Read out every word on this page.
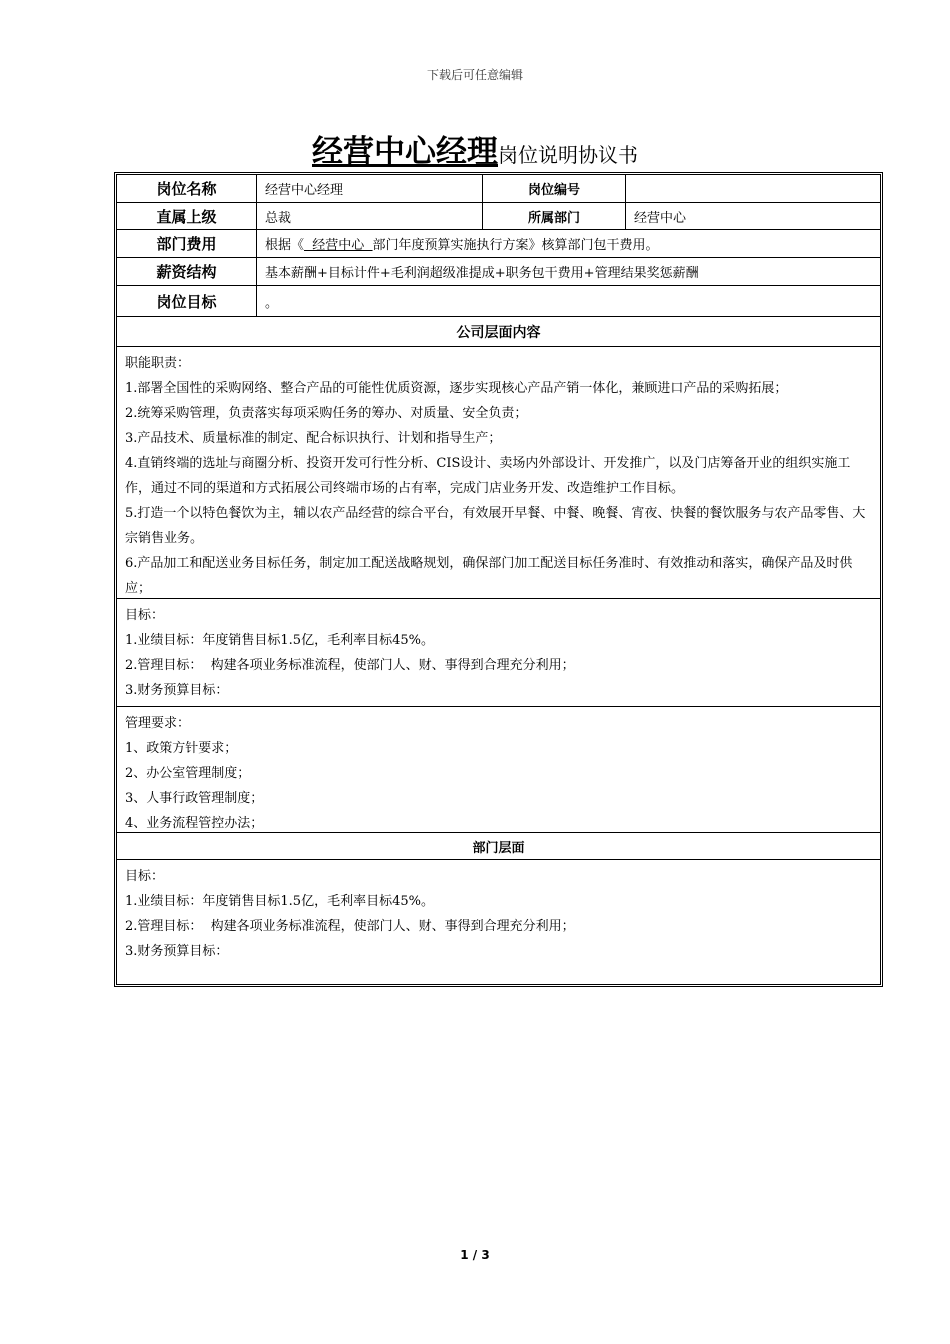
下载后可任意编辑
经营中心经理岗位说明协议书
岗位名称	经营中心经理	岗位编号
直属上级	总裁	所属部门	经营中心
部门费用	根据《 经营中心 部门年度预算实施执行方案》核算部门包干费用。
薪资结构	基本薪酬+目标计件+毛利润超级准提成+职务包干费用+管理结果奖惩薪酬
岗位目标	。
公司层面内容

职能职责：

1.部署全国性的采购网络、整合产品的可能性优质资源，逐步实现核心产品产销一体化，兼顾进口产品的采购拓展；

2.统筹采购管理，负责落实每项采购任务的筹办、对质量、安全负责；

3.产品技术、质量标准的制定、配合标识执行、计划和指导生产；

4.直销终端的选址与商圈分析、投资开发可行性分析、CIS设计、卖场内外部设计、开发推广，以及门店筹备开业的组织实施工作，通过不同的渠道和方式拓展公司终端市场的占有率，完成门店业务开发、改造维护工作目标。

5.打造一个以特色餐饮为主，辅以农产品经营的综合平台，有效展开早餐、中餐、晚餐、宵夜、快餐的餐饮服务与农产品零售、大宗销售业务。

6.产品加工和配送业务目标任务，制定加工配送战略规划，确保部门加工配送目标任务准时、有效推动和落实，确保产品及时供应；

目标：

1.业绩目标：年度销售目标1.5亿，毛利率目标45%。

2.管理目标：  构建各项业务标准流程，使部门人、财、事得到合理充分利用；

3.财务预算目标：

管理要求：

1、政策方针要求；

2、办公室管理制度；

3、人事行政管理制度；

4、业务流程管控办法；

部门层面

目标：

1.业绩目标：年度销售目标1.5亿，毛利率目标45%。

2.管理目标：  构建各项业务标准流程，使部门人、财、事得到合理充分利用；

3.财务预算目标：

1 / 3
